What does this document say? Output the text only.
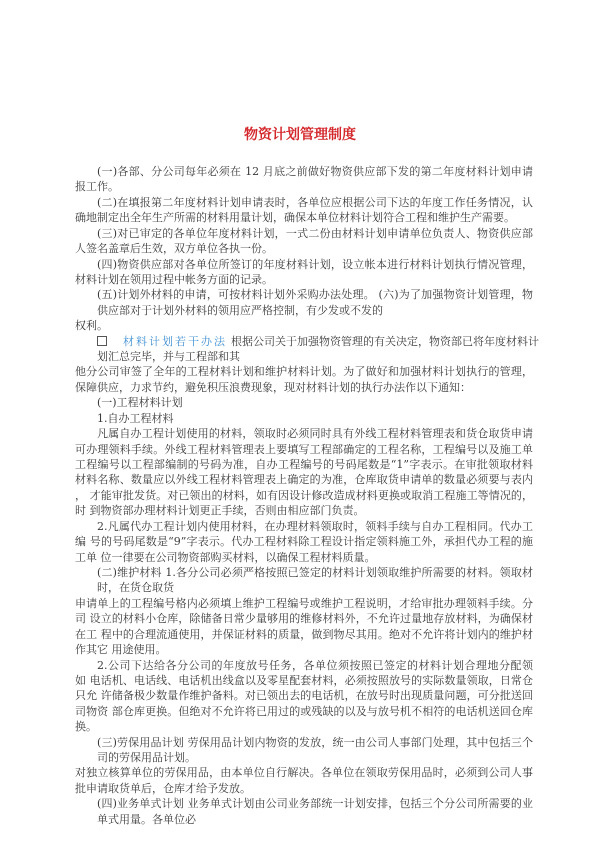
物资计划管理制度
(一)各部、分公司每年必须在 12 月底之前做好物资供应部下发的第二年度材料计划申请
报工作。
(二)在填报第二年度材料计划申请表时，各单位应根据公司下达的年度工作任务情况，认
确地制定出全年生产所需的材料用量计划，确保本单位材料计划符合工程和维护生产需要。
(三)对已审定的各单位年度材料计划，一式二份由材料计划申请单位负责人、物资供应部
人签名盖章后生效，双方单位各执一份。
(四)物资供应部对各单位所签订的年度材料计划，设立帐本进行材料计划执行情况管理，
材料计划在领用过程中帐务方面的记录。
(五)计划外材料的申请，可按材料计划外采购办法处理。 (六)为了加强物资计划管理，物
供应部对于计划外材料的领用应严格控制，有少发或不发的
权利。
材料计划若干办法 根据公司关于加强物资管理的有关决定，物资部已将年度材料计
划汇总完毕，并与工程部和其
他分公司审签了全年的工程材料计划和维护材料计划。为了做好和加强材料计划执行的管理，
保障供应，力求节约，避免积压浪费现象，现对材料计划的执行办法作以下通知：
(一)工程材料计划
1.自办工程材料
凡属自办工程计划使用的材料，领取时必须同时具有外线工程材料管理表和货仓取货申请
可办理领料手续。外线工程材料管理表上要填写工程部确定的工程名称，工程编号以及施工单
工程编号以工程部编制的号码为准，自办工程编号的号码尾数是“1”字表示。在审批领取材料
材料名称、数量应以外线工程材料管理表上确定的为准，仓库取货申请单的数量必须要与表内
， 才能审批发货。对已领出的材料，如有因设计修改造成材料更换或取消工程施工等情况的，
时 到物资部办理材料计划更正手续，否则由相应部门负责。
2.凡属代办工程计划内使用材料，在办理材料领取时，领料手续与自办工程相同。代办工
编 号的号码尾数是“9”字表示。代办工程材料除工程设计指定领料施工外，承担代办工程的施
工单 位一律要在公司物资部购买材料，以确保工程材料质量。
(二)维护材料 1.各分公司必须严格按照已签定的材料计划领取维护所需要的材料。领取材
时，在货仓取货
申请单上的工程编号格内必须填上维护工程编号或维护工程说明，才给审批办理领料手续。分
司 设立的材料小仓库，除储备日常少量够用的维修材料外，不允许过量地存放材料，为确保材
在工 程中的合理流通使用，并保证材料的质量，做到物尽其用。绝对不允许将计划内的维护材
作其它 用途使用。
2.公司下达给各分公司的年度放号任务，各单位须按照已签定的材料计划合理地分配领
如 电话机、电话线、电话机出线盒以及零星配套材料，必须按照放号的实际数量领取，日常仓
只允 许储备极少数量作维护备料。对已领出去的电话机，在放号时出现质量问题，可分批送回
司物资 部仓库更换。但绝对不允许将已用过的或残缺的以及与放号机不相符的电话机送回仓库
换。
(三)劳保用品计划 劳保用品计划内物资的发放，统一由公司人事部门处理，其中包括三个
司的劳保用品计划。
对独立核算单位的劳保用品，由本单位自行解决。各单位在领取劳保用品时，必须到公司人事
批申请取货单后，仓库才给予发放。
(四)业务单式计划 业务单式计划由公司业务部统一计划安排，包括三个分公司所需要的业
单式用量。各单位必
